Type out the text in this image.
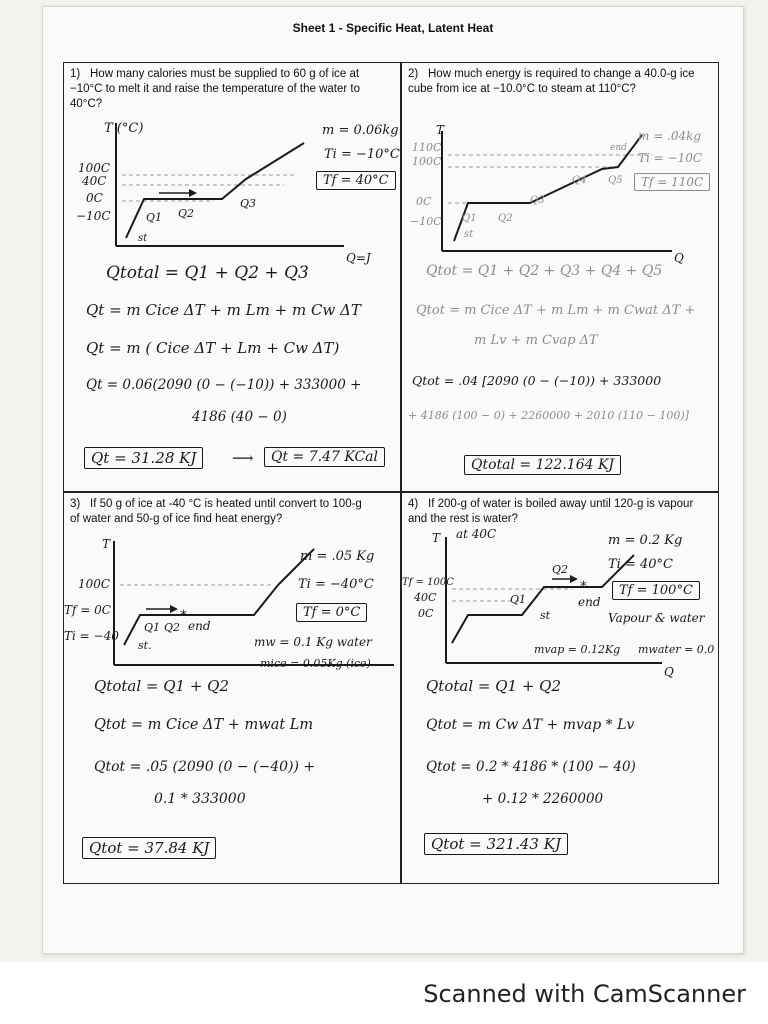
Sheet 1 - Specific Heat, Latent Heat
1) How many calories must be supplied to 60 g of ice at −10°C to melt it and raise the temperature of the water to 40°C?
T (°C)
Q=J
100C
40C
0C
−10C
m = 0.06kg
Ti = −10°C
Tf = 40°C
Q1 Q2
Q3
st
Qtotal = Q1 + Q2 + Q3
Qt = m Cice ΔT + m Lm + m Cw ΔT
Qt = m ( Cice ΔT + Lm + Cw ΔT)
Qt = 0.06(2090 (0 − (−10)) + 333000 +
4186 (40 − 0)
Qt = 31.28 KJ	⟶	Qt = 7.47 KCal
2) How much energy is required to change a 40.0-g ice cube from ice at −10.0°C to steam at 110°C?
T
Q
110C
100C
0C
−10C
m = .04kg
Ti = −10C
Tf = 110C
Q1 Q2
Q3
Q4 Q5
st
end
Qtot = Q1 + Q2 + Q3 + Q4 + Q5
Qtot = m Cice ΔT + m Lm + m Cwat ΔT +
m Lv + m Cvap ΔT
Qtot = .04 [2090 (0 − (−10)) + 333000
+ 4186 (100 − 0) + 2260000 + 2010 (110 − 100)]
Qtotal = 122.164 KJ
3) If 50 g of ice at -40 °C is heated until convert to 100-g of water and 50-g of ice find heat energy?
*
T
100C
Tf = 0C
Ti = −40
m = .05 Kg
Ti = −40°C
Tf = 0°C
mw = 0.1 Kg water
mice = 0.05Kg (ice)
Q1 Q2 end
st.
Qtotal = Q1 + Q2
Qtot = m Cice ΔT + mwat Lm
Qtot = .05 (2090 (0 − (−40)) +
0.1 * 333000
Qtot = 37.84 KJ
4) If 200-g of water is boiled away until 120-g is vapour and the rest is water?
*
at 40C
T
Q
Tf = 100C
40C
0C
m = 0.2 Kg
Ti = 40°C
Tf = 100°C
Vapour & water
mvap = 0.12Kg mwater = 0.0
Q1
Q2
end
st
Qtotal = Q1 + Q2
Qtot = m Cw ΔT + mvap * Lv
Qtot = 0.2 * 4186 * (100 − 40)
+ 0.12 * 2260000
Qtot = 321.43 KJ
Scanned with CamScanner
